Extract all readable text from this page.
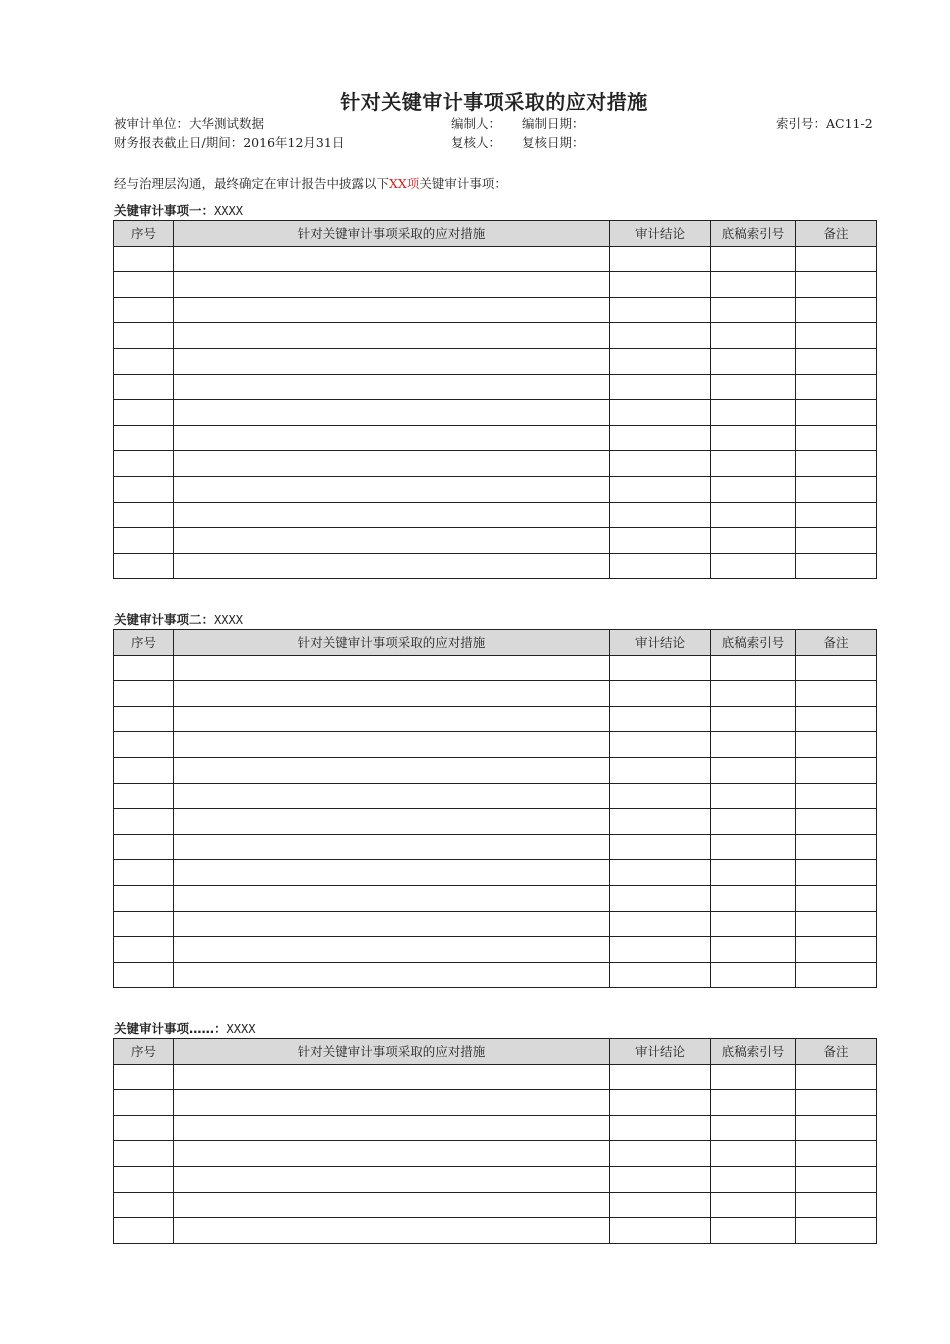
针对关键审计事项采取的应对措施
被审计单位：大华测试数据	编制人： 编制日期：	索引号：AC11-2
财务报表截止日/期间：2016年12月31日	复核人： 复核日期：
经与治理层沟通，最终确定在审计报告中披露以下XX项关键审计事项：
关键审计事项一：XXXX
序号	针对关键审计事项采取的应对措施	审计结论	底稿索引号	备注

关键审计事项二：XXXX
序号	针对关键审计事项采取的应对措施	审计结论	底稿索引号	备注

关键审计事项……：XXXX
序号	针对关键审计事项采取的应对措施	审计结论	底稿索引号	备注
